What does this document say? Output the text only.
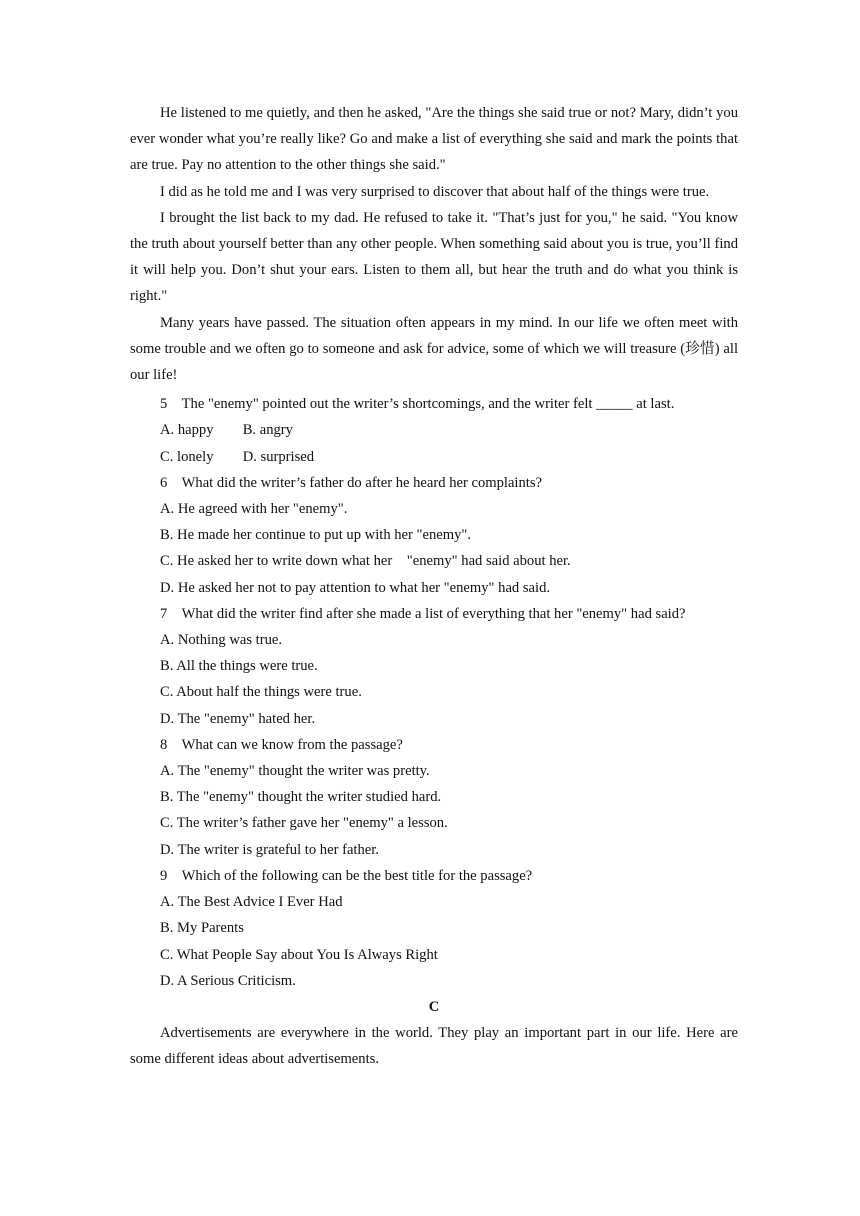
He listened to me quietly, and then he asked, "Are the things she said true or not? Mary, didn’t you ever wonder what you’re really like? Go and make a list of everything she said and mark the points that are true. Pay no attention to the other things she said."

I did as he told me and I was very surprised to discover that about half of the things were true.

I brought the list back to my dad. He refused to take it. "That’s just for you," he said. "You know the truth about yourself better than any other people. When something said about you is true, you’ll find it will help you. Don’t shut your ears. Listen to them all, but hear the truth and do what you think is right."

Many years have passed. The situation often appears in my mind. In our life we often meet with some trouble and we often go to someone and ask for advice, some of which we will treasure (珍惜) all our life!

5    The "enemy" pointed out the writer’s shortcomings, and the writer felt _____ at last.
A. happy        B. angry
C. lonely        D. surprised
6    What did the writer’s father do after he heard her complaints?
A. He agreed with her "enemy".
B. He made her continue to put up with her "enemy".
C. He asked her to write down what her    "enemy" had said about her.
D. He asked her not to pay attention to what her "enemy" had said.
7    What did the writer find after she made a list of everything that her "enemy" had said?
A. Nothing was true.
B. All the things were true.
C. About half the things were true.
D. The "enemy" hated her.
8    What can we know from the passage?
A. The "enemy" thought the writer was pretty.
B. The "enemy" thought the writer studied hard.
C. The writer’s father gave her "enemy" a lesson.
D. The writer is grateful to her father.
9    Which of the following can be the best title for the passage?
A. The Best Advice I Ever Had
B. My Parents
C. What People Say about You Is Always Right
D. A Serious Criticism.
C

Advertisements are everywhere in the world. They play an important part in our life. Here are some different ideas about advertisements.
